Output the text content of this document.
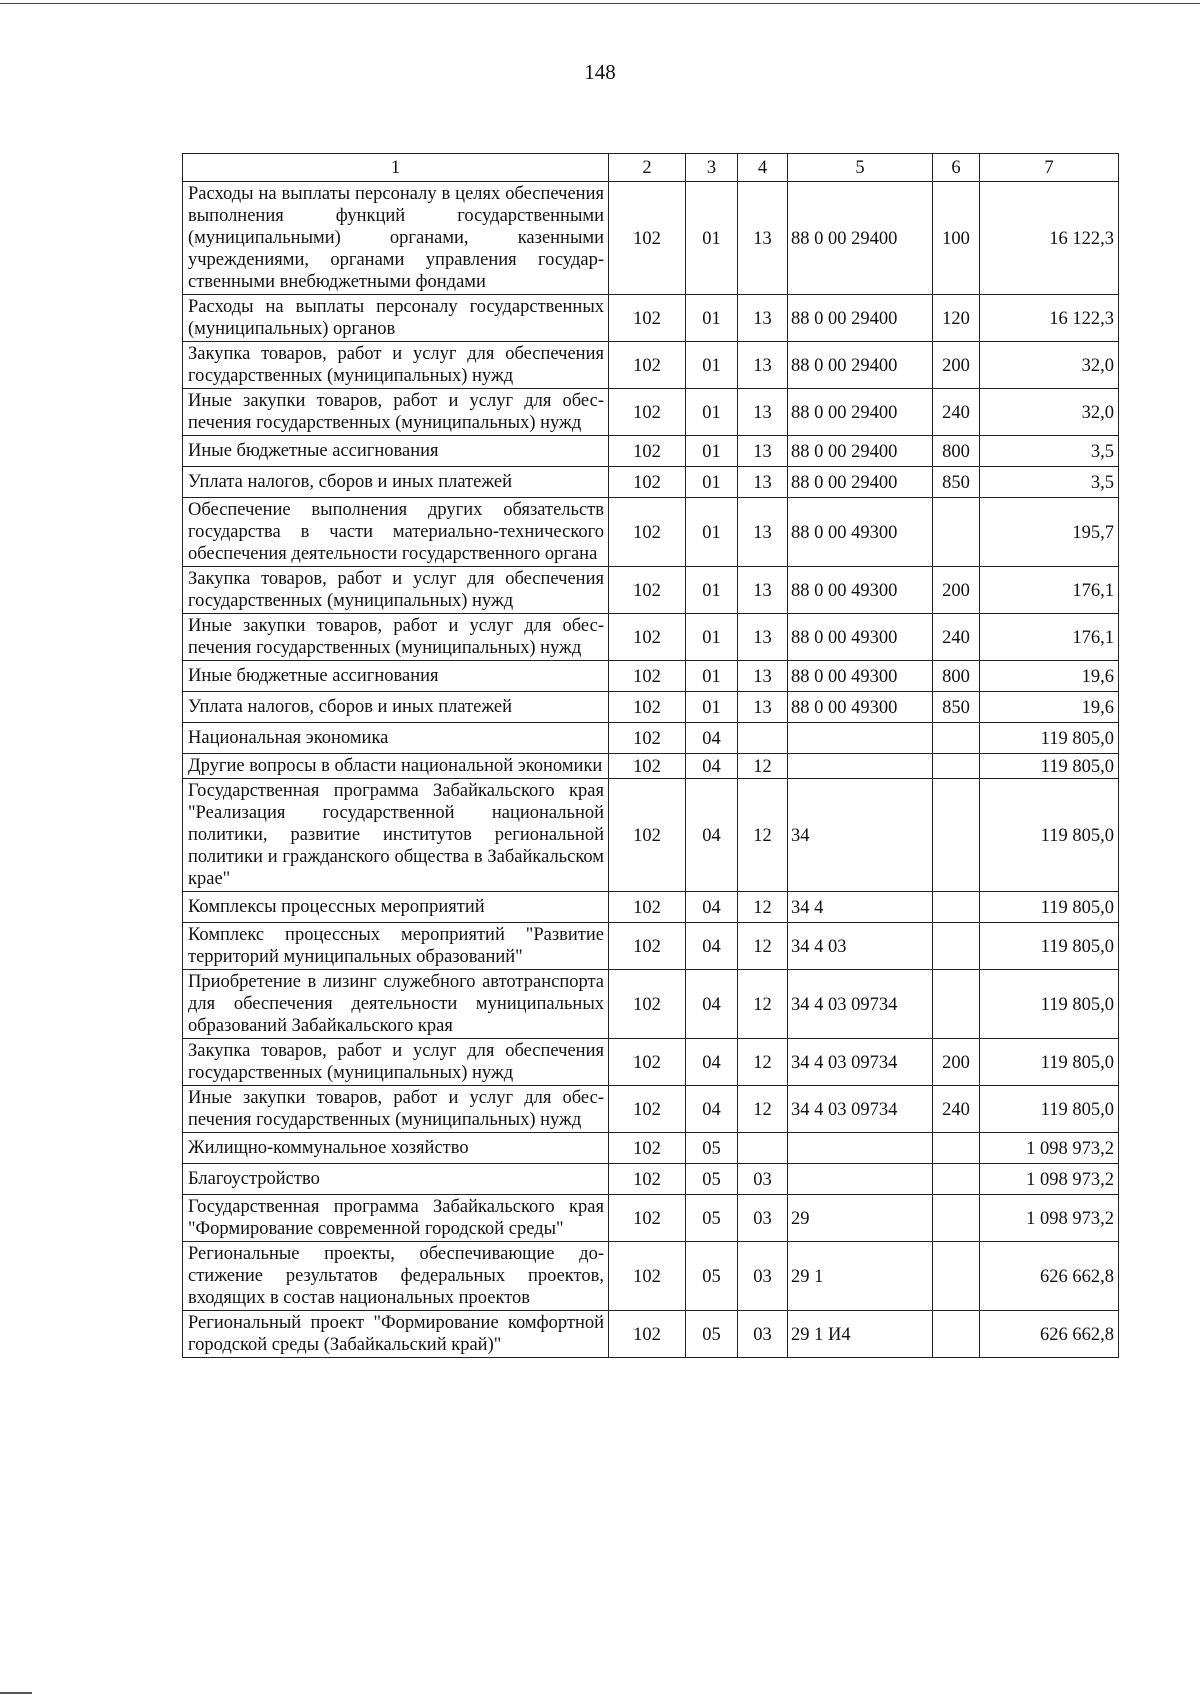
148
1	2	3	4	5	6	7
Расходы на выплаты персоналу в целях обеспечения выполнения функций государственными (муниципальными) органами, казенными учреждениями, органами управления государственными внебюджетными фондами	102	01	13	88 0 00 29400	100	16 122,3
Расходы на выплаты персоналу государственных (муниципальных) органов	102	01	13	88 0 00 29400	120	16 122,3
Закупка товаров, работ и услуг для обеспечения государственных (муниципальных) нужд	102	01	13	88 0 00 29400	200	32,0
Иные закупки товаров, работ и услуг для обеспечения государственных (муниципальных) нужд	102	01	13	88 0 00 29400	240	32,0
Иные бюджетные ассигнования	102	01	13	88 0 00 29400	800	3,5
Уплата налогов, сборов и иных платежей	102	01	13	88 0 00 29400	850	3,5
Обеспечение выполнения других обязательств государства в части материально-технического обеспечения деятельности государственного органа	102	01	13	88 0 00 49300		195,7
Закупка товаров, работ и услуг для обеспечения государственных (муниципальных) нужд	102	01	13	88 0 00 49300	200	176,1
Иные закупки товаров, работ и услуг для обеспечения государственных (муниципальных) нужд	102	01	13	88 0 00 49300	240	176,1
Иные бюджетные ассигнования	102	01	13	88 0 00 49300	800	19,6
Уплата налогов, сборов и иных платежей	102	01	13	88 0 00 49300	850	19,6
Национальная экономика	102	04				119 805,0
Другие вопросы в области национальной экономики	102	04	12			119 805,0
Государственная программа Забайкальского края "Реализация государственной национальной политики, развитие институтов региональной политики и гражданского общества в Забайкальском крае"	102	04	12	34		119 805,0
Комплексы процессных мероприятий	102	04	12	34 4		119 805,0
Комплекс процессных мероприятий "Развитие территорий муниципальных образований"	102	04	12	34 4 03		119 805,0
Приобретение в лизинг служебного автотранспорта для обеспечения деятельности муниципальных образований Забайкальского края	102	04	12	34 4 03 09734		119 805,0
Закупка товаров, работ и услуг для обеспечения государственных (муниципальных) нужд	102	04	12	34 4 03 09734	200	119 805,0
Иные закупки товаров, работ и услуг для обеспечения государственных (муниципальных) нужд	102	04	12	34 4 03 09734	240	119 805,0
Жилищно-коммунальное хозяйство	102	05				1 098 973,2
Благоустройство	102	05	03			1 098 973,2
Государственная программа Забайкальского края "Формирование современной городской среды"	102	05	03	29		1 098 973,2
Региональные проекты, обеспечивающие достижение результатов федеральных проектов, входящих в состав национальных проектов	102	05	03	29 1		626 662,8
Региональный проект "Формирование комфортной городской среды (Забайкальский край)"	102	05	03	29 1 И4		626 662,8
